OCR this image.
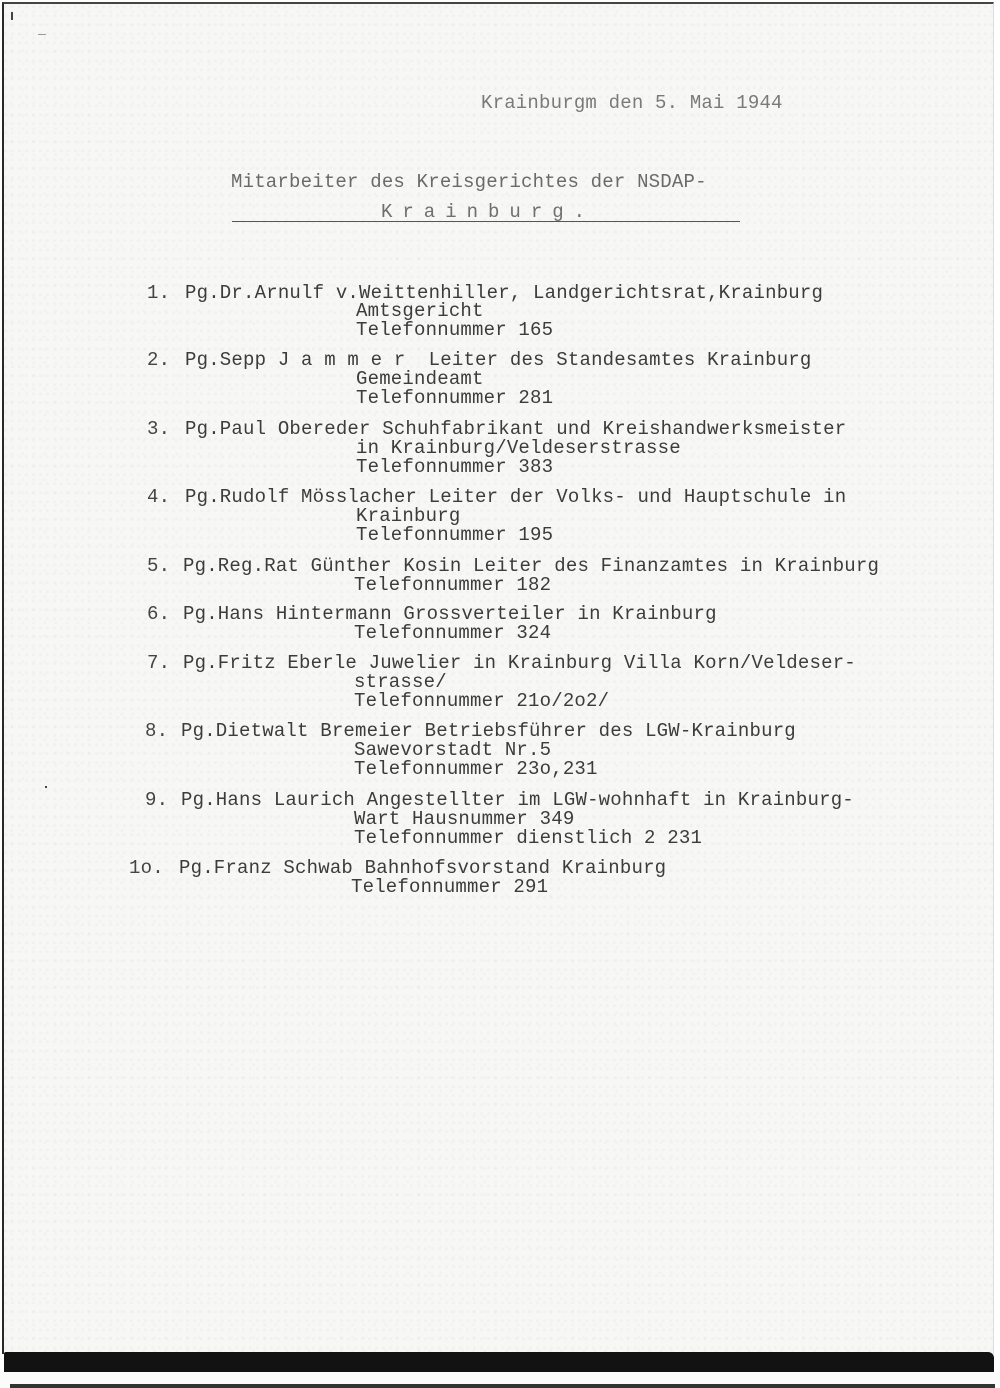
Krainburgm den 5. Mai 1944
Mitarbeiter des Kreisgerichtes der NSDAP-
Krainburg.
1. Pg.Dr.Arnulf v.Weittenhiller, Landgerichtsrat,Krainburg
Amtsgericht
Telefonnummer 165
2. Pg.Sepp J a m m e r  Leiter des Standesamtes Krainburg
Gemeindeamt
Telefonnummer 281
3. Pg.Paul Obereder Schuhfabrikant und Kreishandwerksmeister
in Krainburg/Veldeserstrasse
Telefonnummer 383
4. Pg.Rudolf Mösslacher Leiter der Volks- und Hauptschule in
Krainburg
Telefonnummer 195
5. Pg.Reg.Rat Günther Kosin Leiter des Finanzamtes in Krainburg
Telefonnummer 182
6. Pg.Hans Hintermann Grossverteiler in Krainburg
Telefonnummer 324
7. Pg.Fritz Eberle Juwelier in Krainburg Villa Korn/Veldeser-
strasse/
Telefonnummer 21o/2o2/
8. Pg.Dietwalt Bremeier Betriebsführer des LGW-Krainburg
Sawevorstadt Nr.5
Telefonnummer 23o,231
9. Pg.Hans Laurich Angestellter im LGW-wohnhaft in Krainburg-
Wart Hausnummer 349
Telefonnummer dienstlich 2 231
1o. Pg.Franz Schwab Bahnhofsvorstand Krainburg
Telefonnummer 291
